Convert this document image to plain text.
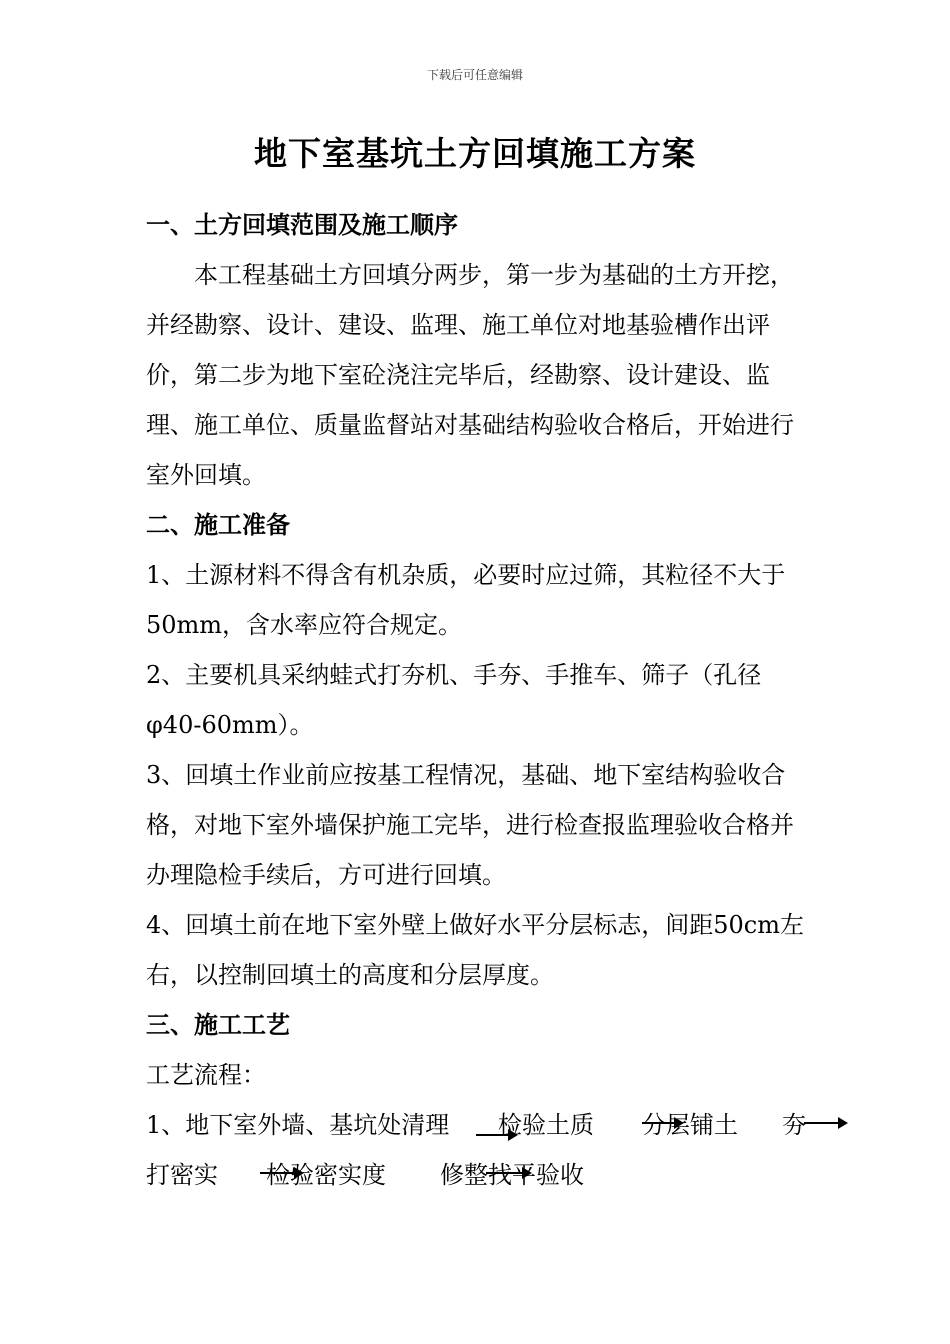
下载后可任意编辑
地下室基坑土方回填施工方案

一、土方回填范围及施工顺序

本工程基础土方回填分两步，第一步为基础的土方开挖，并经勘察、设计、建设、监理、施工单位对地基验槽作出评价，第二步为地下室砼浇注完毕后，经勘察、设计建设、监理、施工单位、质量监督站对基础结构验收合格后，开始进行室外回填。

二、施工准备

1、土源材料不得含有机杂质，必要时应过筛，其粒径不大于50mm，含水率应符合规定。

2、主要机具采纳蛙式打夯机、手夯、手推车、筛子（孔径φ40-60mm）。

3、回填土作业前应按基工程情况，基础、地下室结构验收合格，对地下室外墙保护施工完毕，进行检查报监理验收合格并办理隐检手续后，方可进行回填。

4、回填土前在地下室外壁上做好水平分层标志，间距50cm左右，以控制回填土的高度和分层厚度。

三、施工工艺

工艺流程：

1、地下室外墙、基坑处清理 检验土质 分层铺土 夯
打密实 检验密实度 修整找平验收
